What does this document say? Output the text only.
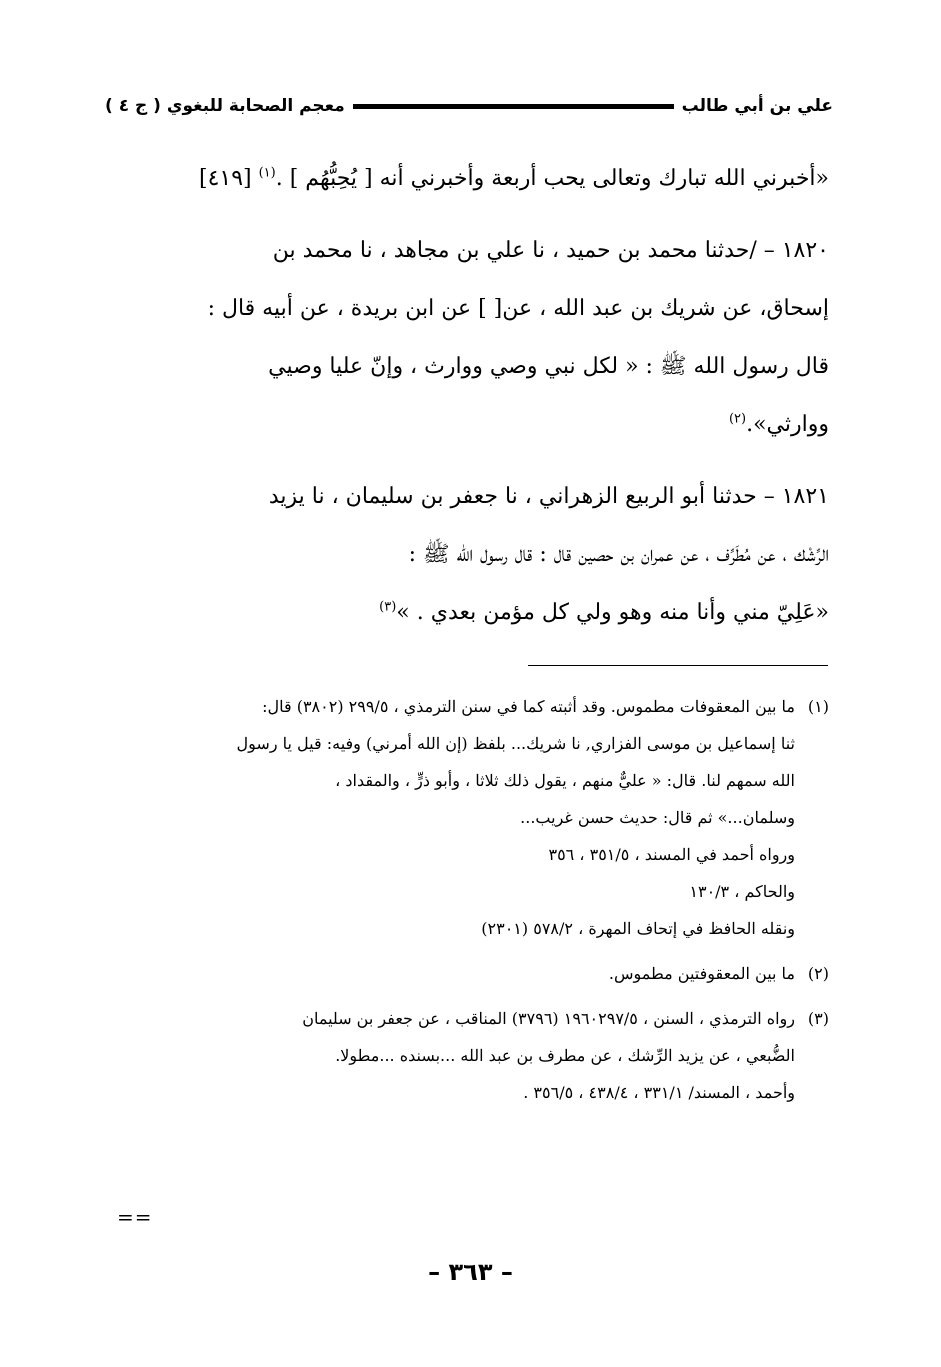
علي بن أبي طالب
معجم الصحابة للبغوي ( ج ٤ )

«أخبرني الله تبارك وتعالى يحب أربعة وأخبرني أنه [ يُحِبُّهُم ] .$^{(١)}$ [٤١٩]

١٨٢٠ – /حدثنا محمد بن حميد ، نا علي بن مجاهد ، نا محمد بن

إسحاق، عن شريك بن عبد الله ، عن[ ] عن ابن بريدة ، عن أبيه قال :

قال رسول الله ﷺ : « لكل نبي وصي ووارث ، وإنّ عليا وصيي

ووارثي».$^{(٢)}$

١٨٢١ – حدثنا أبو الربيع الزهراني ، نا جعفر بن سليمان ، نا يزيد

الرِّشْك ، عن مُطَرِّف ، عن عمران بن حصين قال : قال رسول الله ﷺ :

«عَلِيّ مني وأنا منه وهو ولي كل مؤمن بعدي . »$^{(٣)}$

(١)
ما بين المعقوفات مطموس. وقد أثبته كما في سنن الترمذي ، ٢٩٩/٥ (٣٨٠٢) قال:
ثنا إسماعيل بن موسى الفزاري, نا شريك... بلفظ (إن الله أمرني) وفيه: قيل يا رسول
الله سمهم لنا. قال: « عليٌّ منهم ، يقول ذلك ثلاثا ، وأبو ذرٍّ ، والمقداد ،
وسلمان...» ثم قال: حديث حسن غريب...
ورواه أحمد في المسند ، ٣٥١/٥ ، ٣٥٦
والحاكم ، ١٣٠/٣
ونقله الحافظ في إتحاف المهرة ، ٥٧٨/٢ (٢٣٠١)
(٢)
ما بين المعقوفتين مطموس.
(٣)
رواه الترمذي ، السنن ، ١٩٦٠٢٩٧/٥ (٣٧٩٦) المناقب ، عن جعفر بن سليمان
الضُّبعي ، عن يزيد الرِّشك ، عن مطرف بن عبد الله ...بسنده ...مطولا.
وأحمد ، المسند/ ٣٣١/١ ، ٤٣٨/٤ ، ٣٥٦/٥ .
==
– ٣٦٣ –
